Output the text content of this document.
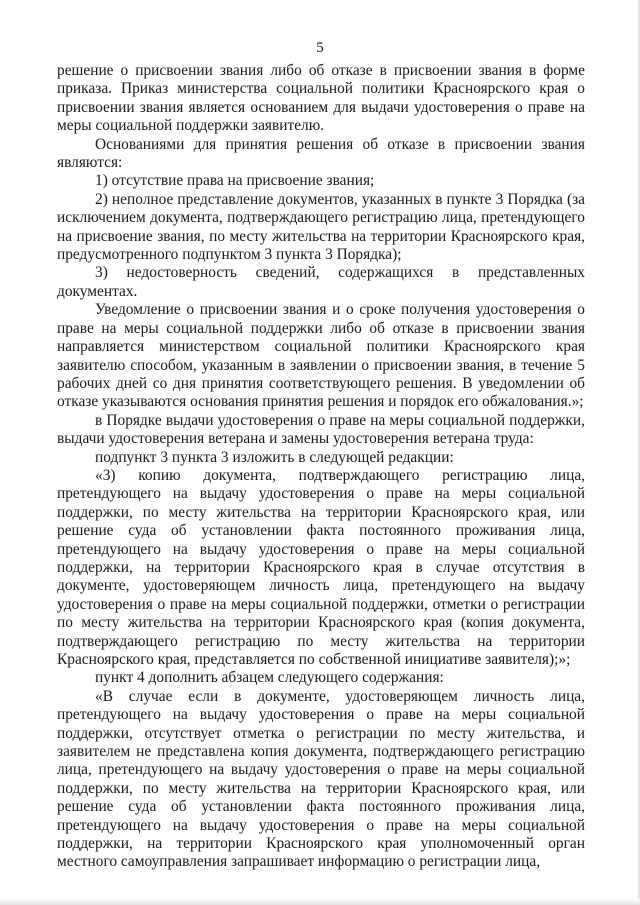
5

решение о присвоении звания либо об отказе в присвоении звания в форме приказа. Приказ министерства социальной политики Красноярского края о присвоении звания является основанием для выдачи удостоверения о праве на меры социальной поддержки заявителю.

Основаниями для принятия решения об отказе в присвоении звания являются:

1) отсутствие права на присвоение звания;

2) неполное представление документов, указанных в пункте 3 Порядка (за исключением документа, подтверждающего регистрацию лица, претендующего на присвоение звания, по месту жительства на территории Красноярского края, предусмотренного подпунктом 3 пункта 3 Порядка);

3) недостоверность сведений, содержащихся в представленных документах.

Уведомление о присвоении звания и о сроке получения удостоверения о праве на меры социальной поддержки либо об отказе в присвоении звания направляется министерством социальной политики Красноярского края заявителю способом, указанным в заявлении о присвоении звания, в течение 5 рабочих дней со дня принятия соответствующего решения. В уведомлении об отказе указываются основания принятия решения и порядок его обжалования.»;

в Порядке выдачи удостоверения о праве на меры социальной поддержки, выдачи удостоверения ветерана и замены удостоверения ветерана труда:

подпункт 3 пункта 3 изложить в следующей редакции:

«3) копию документа, подтверждающего регистрацию лица, претендующего на выдачу удостоверения о праве на меры социальной поддержки, по месту жительства на территории Красноярского края, или решение суда об установлении факта постоянного проживания лица, претендующего на выдачу удостоверения о праве на меры социальной поддержки, на территории Красноярского края в случае отсутствия в документе, удостоверяющем личность лица, претендующего на выдачу удостоверения о праве на меры социальной поддержки, отметки о регистрации по месту жительства на территории Красноярского края (копия документа, подтверждающего регистрацию по месту жительства на территории Красноярского края, представляется по собственной инициативе заявителя);»;

пункт 4 дополнить абзацем следующего содержания:

«В случае если в документе, удостоверяющем личность лица, претендующего на выдачу удостоверения о праве на меры социальной поддержки, отсутствует отметка о регистрации по месту жительства, и заявителем не представлена копия документа, подтверждающего регистрацию лица, претендующего на выдачу удостоверения о праве на меры социальной поддержки, по месту жительства на территории Красноярского края, или решение суда об установлении факта постоянного проживания лица, претендующего на выдачу удостоверения о праве на меры социальной поддержки, на территории Красноярского края уполномоченный орган местного самоуправления запрашивает информацию о регистрации лица,
